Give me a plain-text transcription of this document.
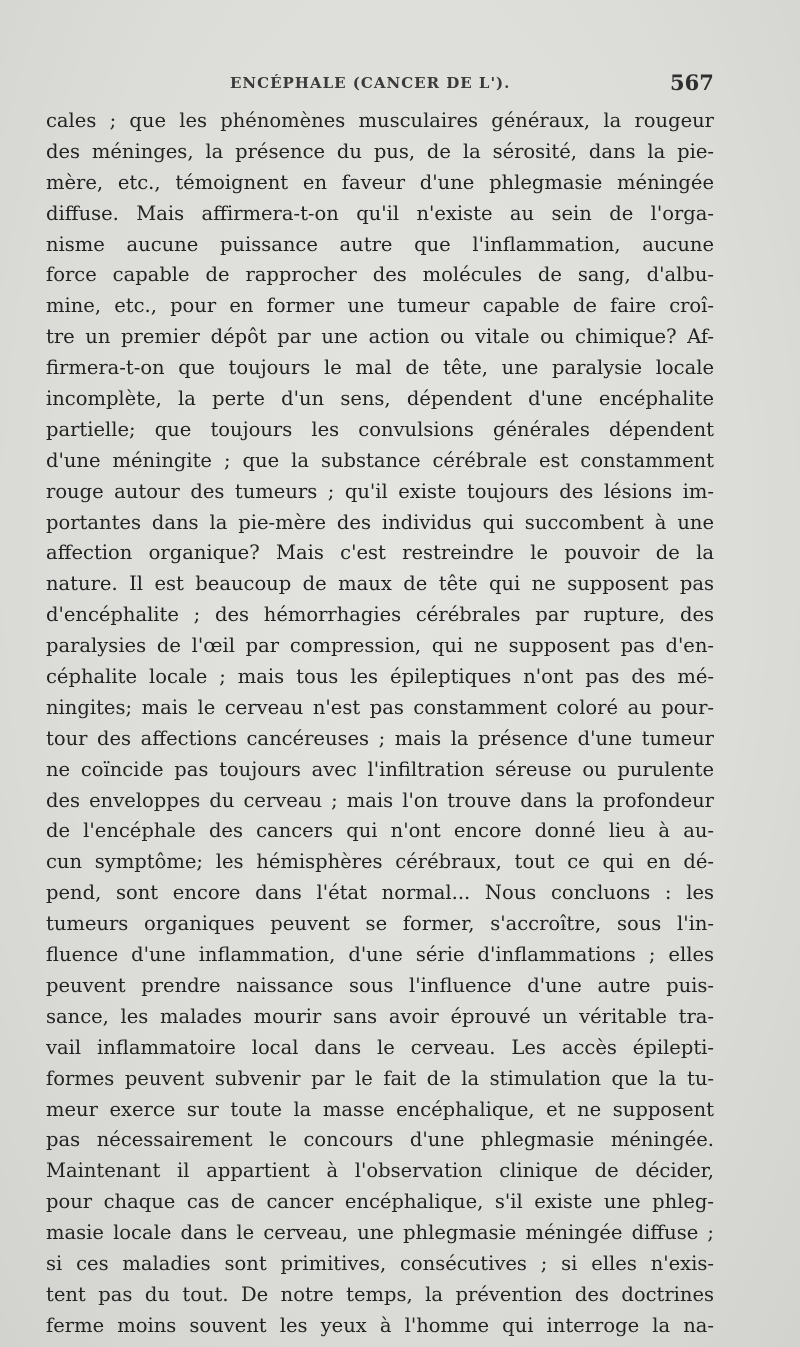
ENCÉPHALE (CANCER DE L').	567
cales ; que les phénomènes musculaires généraux, la rougeur
des méninges, la présence du pus, de la sérosité, dans la pie-
mère, etc., témoignent en faveur d'une phlegmasie méningée
diffuse. Mais affirmera-t-on qu'il n'existe au sein de l'orga-
nisme aucune puissance autre que l'inflammation, aucune
force capable de rapprocher des molécules de sang, d'albu-
mine, etc., pour en former une tumeur capable de faire croî-
tre un premier dépôt par une action ou vitale ou chimique? Af-
firmera-t-on que toujours le mal de tête, une paralysie locale
incomplète, la perte d'un sens, dépendent d'une encéphalite
partielle; que toujours les convulsions générales dépendent
d'une méningite ; que la substance cérébrale est constamment
rouge autour des tumeurs ; qu'il existe toujours des lésions im-
portantes dans la pie-mère des individus qui succombent à une
affection organique? Mais c'est restreindre le pouvoir de la
nature. Il est beaucoup de maux de tête qui ne supposent pas
d'encéphalite ; des hémorrhagies cérébrales par rupture, des
paralysies de l'œil par compression, qui ne supposent pas d'en-
céphalite locale ; mais tous les épileptiques n'ont pas des mé-
ningites; mais le cerveau n'est pas constamment coloré au pour-
tour des affections cancéreuses ; mais la présence d'une tumeur
ne coïncide pas toujours avec l'infiltration séreuse ou purulente
des enveloppes du cerveau ; mais l'on trouve dans la profondeur
de l'encéphale des cancers qui n'ont encore donné lieu à au-
cun symptôme; les hémisphères cérébraux, tout ce qui en dé-
pend, sont encore dans l'état normal... Nous concluons : les
tumeurs organiques peuvent se former, s'accroître, sous l'in-
fluence d'une inflammation, d'une série d'inflammations ; elles
peuvent prendre naissance sous l'influence d'une autre puis-
sance, les malades mourir sans avoir éprouvé un véritable tra-
vail inflammatoire local dans le cerveau. Les accès épilepti-
formes peuvent subvenir par le fait de la stimulation que la tu-
meur exerce sur toute la masse encéphalique, et ne supposent
pas nécessairement le concours d'une phlegmasie méningée.
Maintenant il appartient à l'observation clinique de décider,
pour chaque cas de cancer encéphalique, s'il existe une phleg-
masie locale dans le cerveau, une phlegmasie méningée diffuse ;
si ces maladies sont primitives, consécutives ; si elles n'exis-
tent pas du tout. De notre temps, la prévention des doctrines
ferme moins souvent les yeux à l'homme qui interroge la na-
